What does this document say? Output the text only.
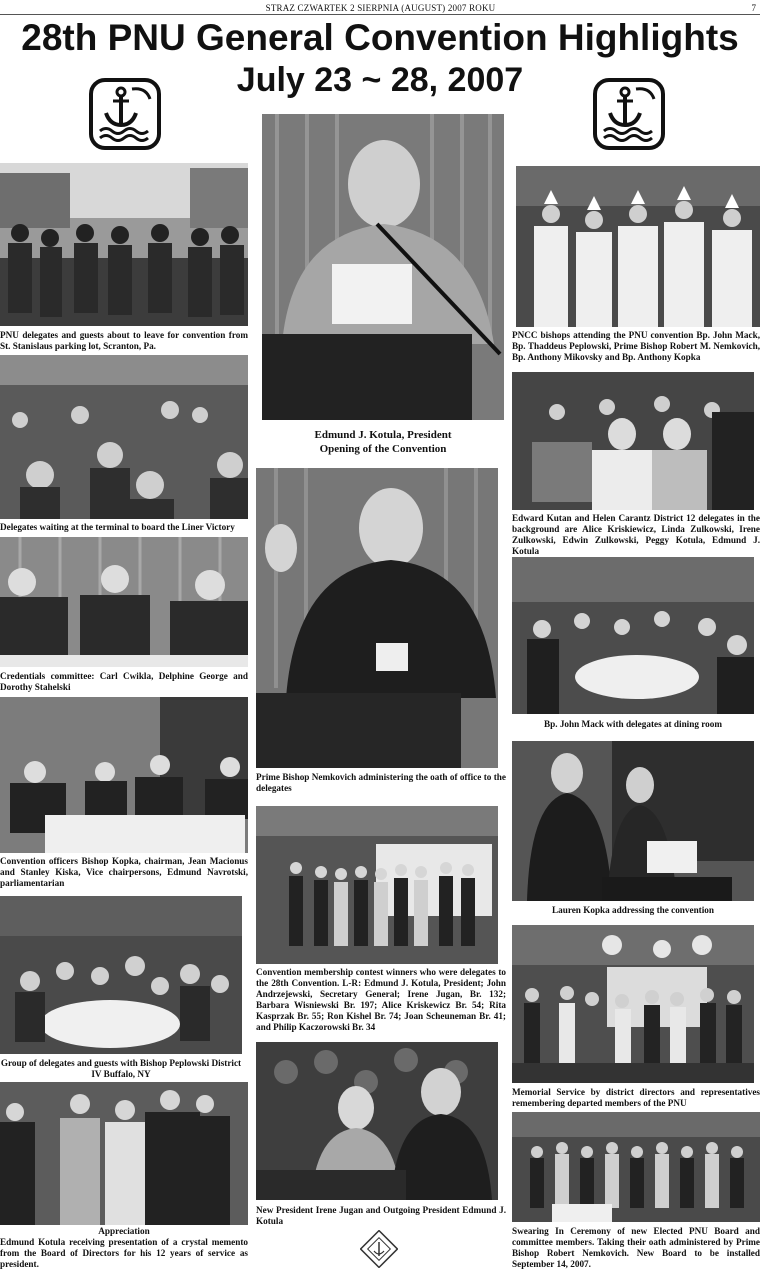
STRAZ CZWARTEK 2 SIERPNIA (AUGUST) 2007 ROKU	7
28th PNU General Convention Highlights
July 23 ~ 28, 2007
PNU delegates and guests about to leave for convention from St. Stanislaus parking lot, Scranton, Pa.
Delegates waiting at the terminal to board the Liner Victory
Credentials committee: Carl Cwikla, Delphine George and Dorothy Stahelski
Convention officers Bishop Kopka, chairman, Jean Macionus and Stanley Kiska, Vice chairpersons, Edmund Navrotski, parliamentarian
Group of delegates and guests with Bishop Peplowski District IV Buffalo, NY
Appreciation
Edmund Kotula receiving presentation of a crystal memento from the Board of Directors for his 12 years of service as president.
Edmund J. Kotula, President
Opening of the Convention
Prime Bishop Nemkovich administering the oath of office to the delegates
Convention membership contest winners who were delegates to the 28th Convention. L-R: Edmund J. Kotula, President; John Andrzejewski, Secretary General; Irene Jugan, Br. 132; Barbara Wisniewski Br. 197; Alice Kriskewicz Br. 54; Rita Kasprzak Br. 55; Ron Kishel Br. 74; Joan Scheuneman Br. 41; and Philip Kaczorowski Br. 34
New President Irene Jugan and Outgoing President Edmund J. Kotula
PNCC bishops attending the PNU convention Bp. John Mack, Bp. Thaddeus Peplowski, Prime Bishop Robert M. Nemkovich, Bp. Anthony Mikovsky and Bp. Anthony Kopka
Edward Kutan and Helen Carantz District 12 delegates in the background are Alice Kriskiewicz, Linda Zulkowski, Irene Zulkowski, Edwin Zulkowski, Peggy Kotula, Edmund J. Kotula
Bp. John Mack with delegates at dining room
Lauren Kopka addressing the convention
Memorial Service by district directors and representatives remembering departed members of the PNU
Swearing In Ceremony of new Elected PNU Board and committee members. Taking their oath administered by Prime Bishop Robert Nemkovich. New Board to be installed September 14, 2007.
